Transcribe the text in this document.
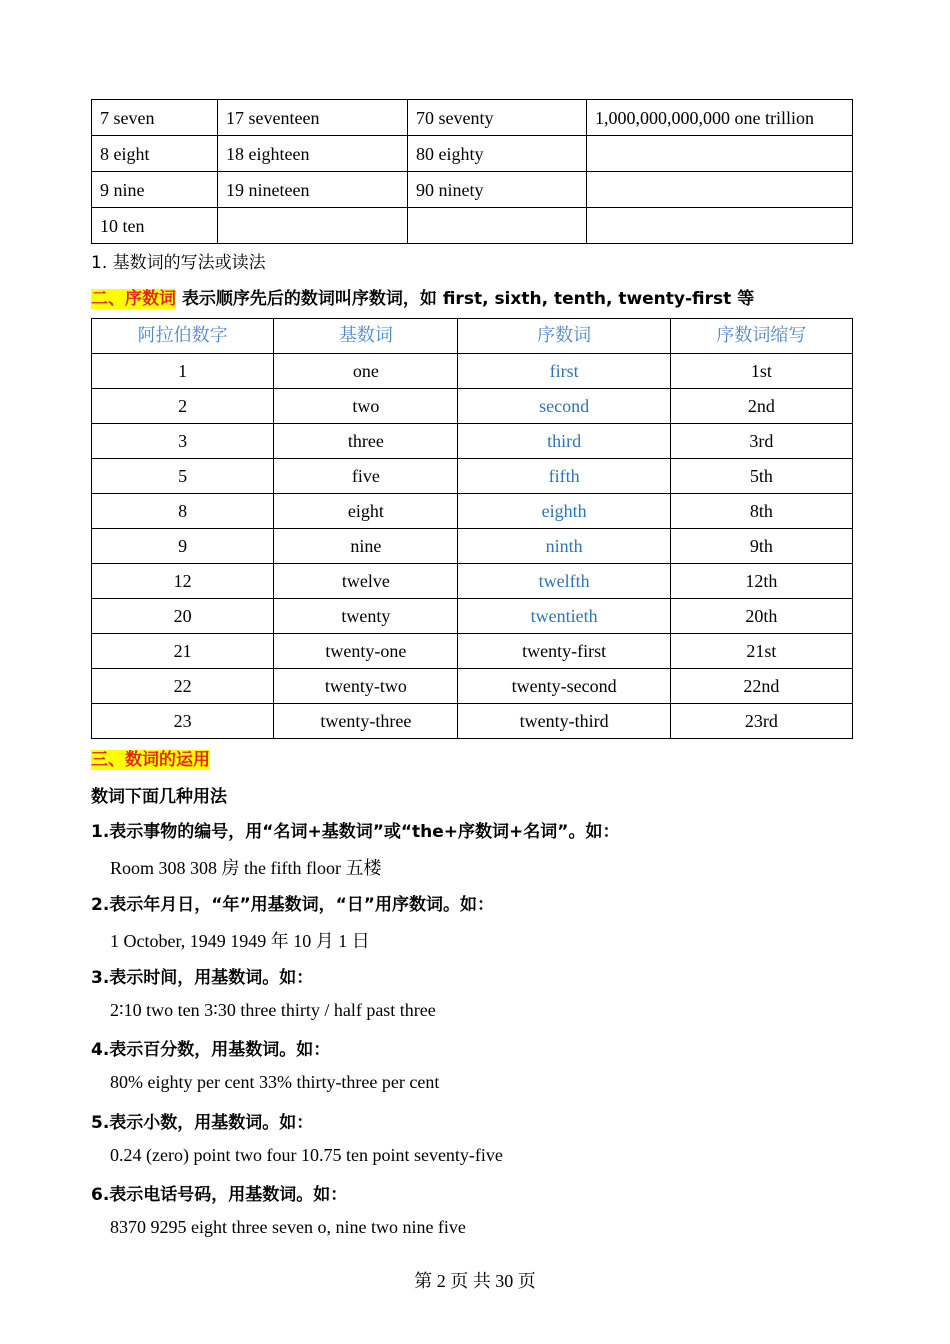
7 seven	17 seventeen	70 seventy	1,000,000,000,000 one trillion
8 eight	18 eighteen	80 eighty	
9 nine	19 nineteen	90 ninety	
10 ten			
1. 基数词的写法或读法
二、序数词 表示顺序先后的数词叫序数词，如 first, sixth, tenth, twenty-first 等
阿拉伯数字	基数词	序数词	序数词缩写
1	one	first	1st
2	two	second	2nd
3	three	third	3rd
5	five	fifth	5th
8	eight	eighth	8th
9	nine	ninth	9th
12	twelve	twelfth	12th
20	twenty	twentieth	20th
21	twenty-one	twenty-first	21st
22	twenty-two	twenty-second	22nd
23	twenty-three	twenty-third	23rd
三、数词的运用
数词下面几种用法
1.表示事物的编号，用“名词+基数词”或“the+序数词+名词”。如：
Room 308 308 房 the fifth floor 五楼
2.表示年月日，“年”用基数词，“日”用序数词。如：
1 October, 1949 1949 年 10 月 1 日
3.表示时间，用基数词。如：
2∶10 two ten 3∶30 three thirty / half past three
4.表示百分数，用基数词。如：
80% eighty per cent 33% thirty-three per cent
5.表示小数，用基数词。如：
0.24 (zero) point two four 10.75 ten point seventy-five
6.表示电话号码，用基数词。如：
8370 9295 eight three seven o, nine two nine five
第 2 页 共 30 页
